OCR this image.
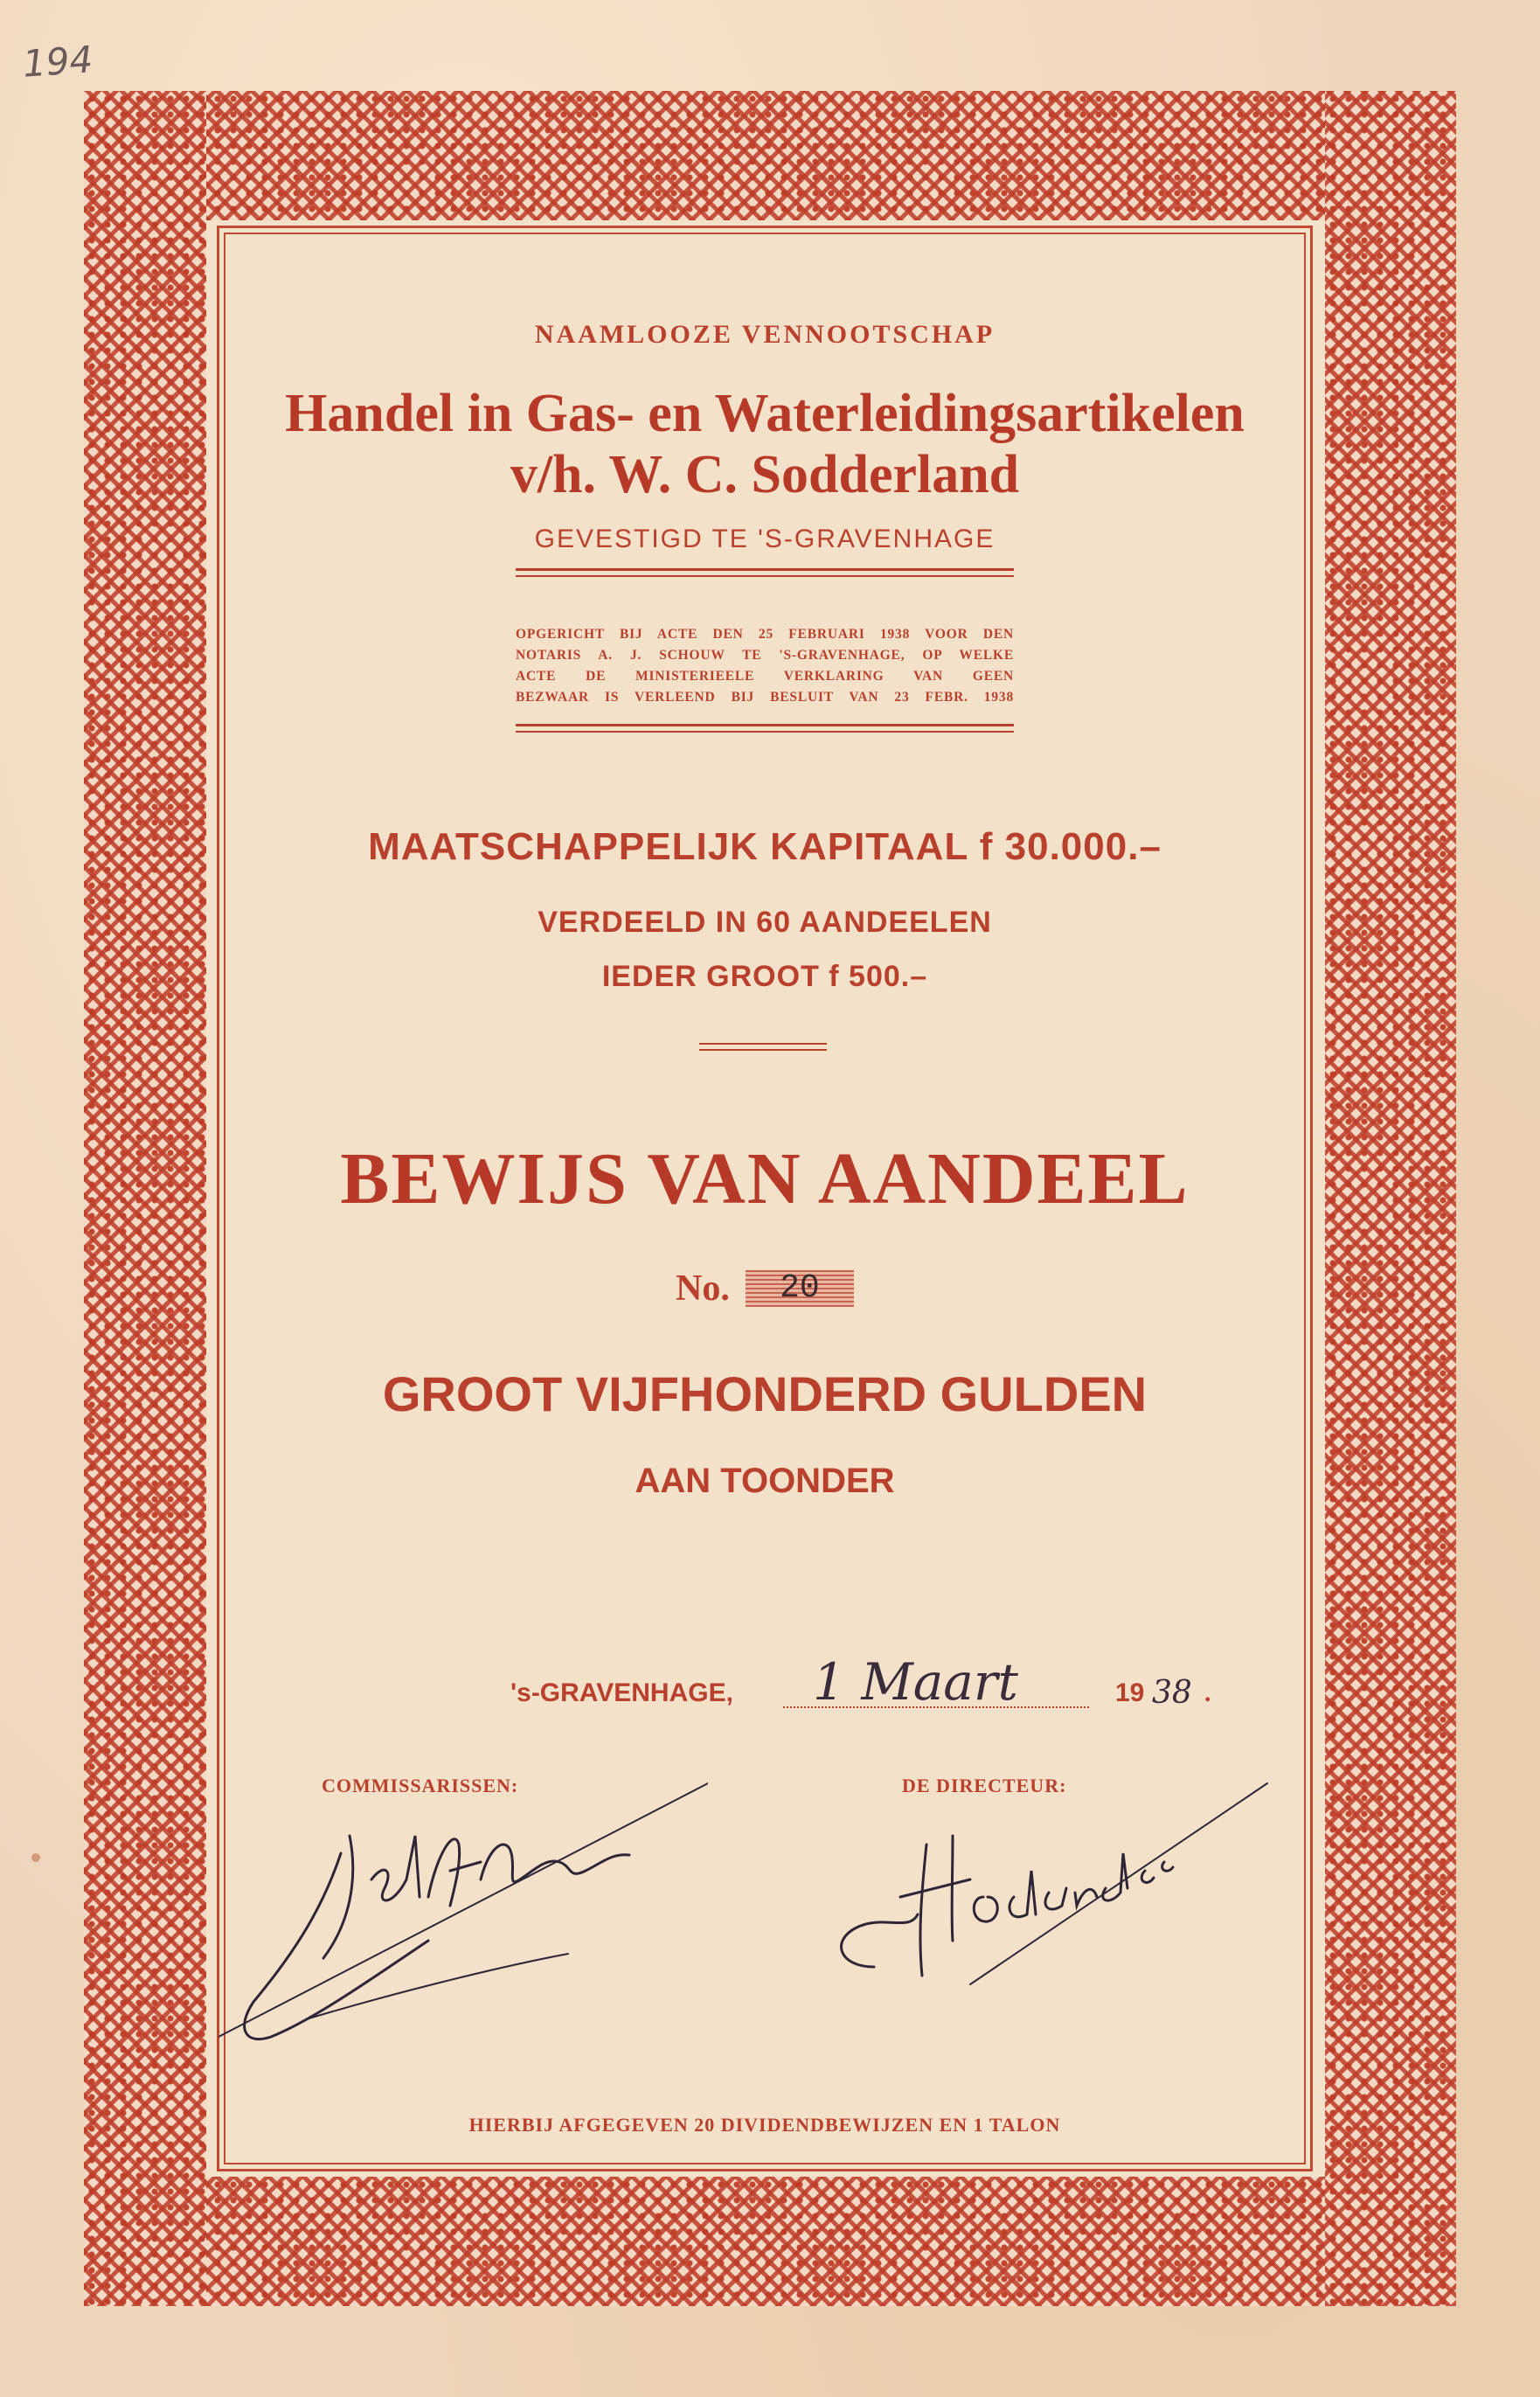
194
NAAMLOOZE VENNOOTSCHAP
Handel in Gas- en Waterleidingsartikelen
v/h. W. C. Sodderland
GEVESTIGD TE 'S-GRAVENHAGE
OPGERICHT BIJ ACTE DEN 25 FEBRUARI 1938 VOOR DEN
NOTARIS A. J. SCHOUW TE 'S-GRAVENHAGE, OP WELKE
ACTE DE MINISTERIEELE VERKLARING VAN GEEN
BEZWAAR IS VERLEEND BIJ BESLUIT VAN 23 FEBR. 1938
MAATSCHAPPELIJK KAPITAAL f 30.000.–
VERDEELD IN 60 AANDEELEN
IEDER GROOT f 500.–
BEWIJS VAN AANDEEL
No. 20
GROOT VIJFHONDERD GULDEN
AAN TOONDER
's-GRAVENHAGE, 1 Maart	19 38 .
COMMISSARISSEN:	DE DIRECTEUR:
HIERBIJ AFGEGEVEN 20 DIVIDENDBEWIJZEN EN 1 TALON
